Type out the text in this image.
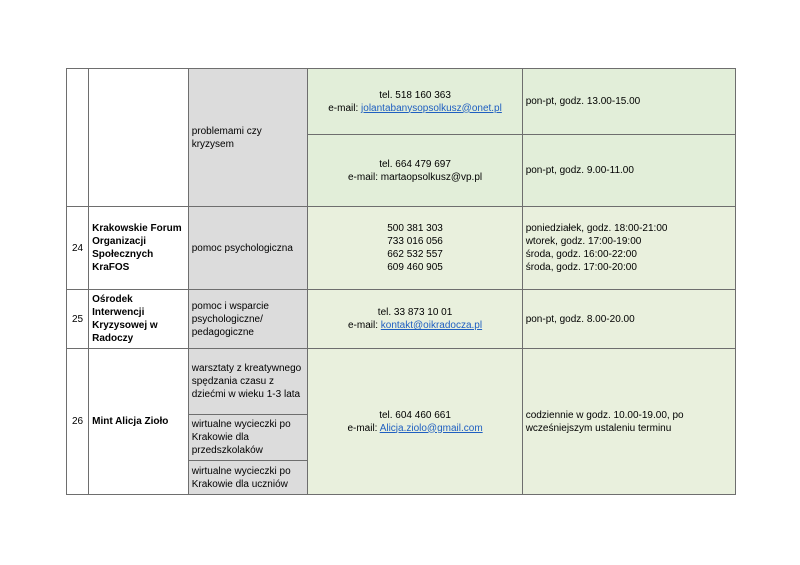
		problemami czy kryzysem	tel. 518 160 363
e-mail: jolantabanysopsolkusz@onet.pl	pon-pt, godz. 13.00-15.00

			tel. 664 479 697
e-mail: martaopsolkusz@vp.pl	pon-pt, godz. 9.00-11.00
24	Krakowskie Forum Organizacji Społecznych KraFOS	pomoc psychologiczna	500 381 303
733 016 056
662 532 557
609 460 905	poniedziałek, godz. 18:00-21:00
wtorek, godz. 17:00-19:00
środa, godz. 16:00-22:00
środa, godz. 17:00-20:00

25	Ośrodek Interwencji Kryzysowej w Radoczy	pomoc i wsparcie psychologiczne/ pedagogiczne	tel. 33 873 10 01
e-mail: kontakt@oikradocza.pl	pon-pt, godz. 8.00-20.00
26	Mint Alicja Zioło	warsztaty z kreatywnego spędzania czasu z dziećmi w wieku 1-3 lata	tel. 604 460 661
e-mail: Alicja.ziolo@gmail.com	codziennie w godz. 10.00-19.00, po wcześniejszym ustaleniu terminu
		wirtualne wycieczki po Krakowie dla przedszkolaków		
		wirtualne wycieczki po Krakowie dla uczniów		
